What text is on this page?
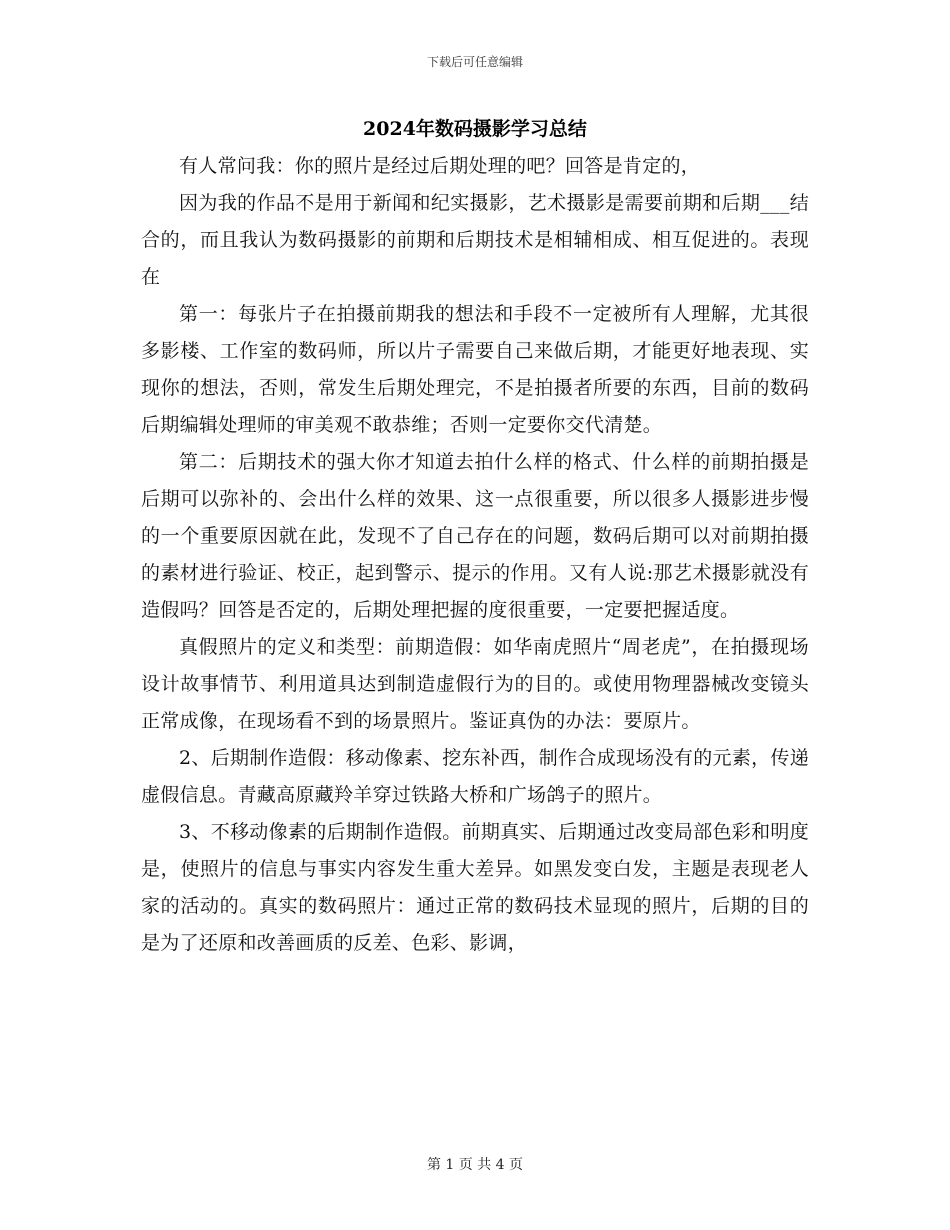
下载后可任意编辑
2024年数码摄影学习总结

有人常问我：你的照片是经过后期处理的吧？回答是肯定的，

因为我的作品不是用于新闻和纪实摄影，艺术摄影是需要前期和后期___结合的，而且我认为数码摄影的前期和后期技术是相辅相成、相互促进的。表现在

第一：每张片子在拍摄前期我的想法和手段不一定被所有人理解，尤其很多影楼、工作室的数码师，所以片子需要自己来做后期，才能更好地表现、实现你的想法，否则，常发生后期处理完，不是拍摄者所要的东西，目前的数码后期编辑处理师的审美观不敢恭维；否则一定要你交代清楚。

第二：后期技术的强大你才知道去拍什么样的格式、什么样的前期拍摄是后期可以弥补的、会出什么样的效果、这一点很重要，所以很多人摄影进步慢的一个重要原因就在此，发现不了自己存在的问题，数码后期可以对前期拍摄的素材进行验证、校正，起到警示、提示的作用。又有人说:那艺术摄影就没有造假吗？回答是否定的，后期处理把握的度很重要，一定要把握适度。

真假照片的定义和类型：前期造假：如华南虎照片“周老虎”，在拍摄现场设计故事情节、利用道具达到制造虚假行为的目的。或使用物理器械改变镜头正常成像，在现场看不到的场景照片。鉴证真伪的办法：要原片。

2、后期制作造假：移动像素、挖东补西，制作合成现场没有的元素，传递虚假信息。青藏高原藏羚羊穿过铁路大桥和广场鸽子的照片。

3、不移动像素的后期制作造假。前期真实、后期通过改变局部色彩和明度是，使照片的信息与事实内容发生重大差异。如黑发变白发，主题是表现老人家的活动的。真实的数码照片：通过正常的数码技术显现的照片，后期的目的是为了还原和改善画质的反差、色彩、影调，

第 1 页 共 4 页
